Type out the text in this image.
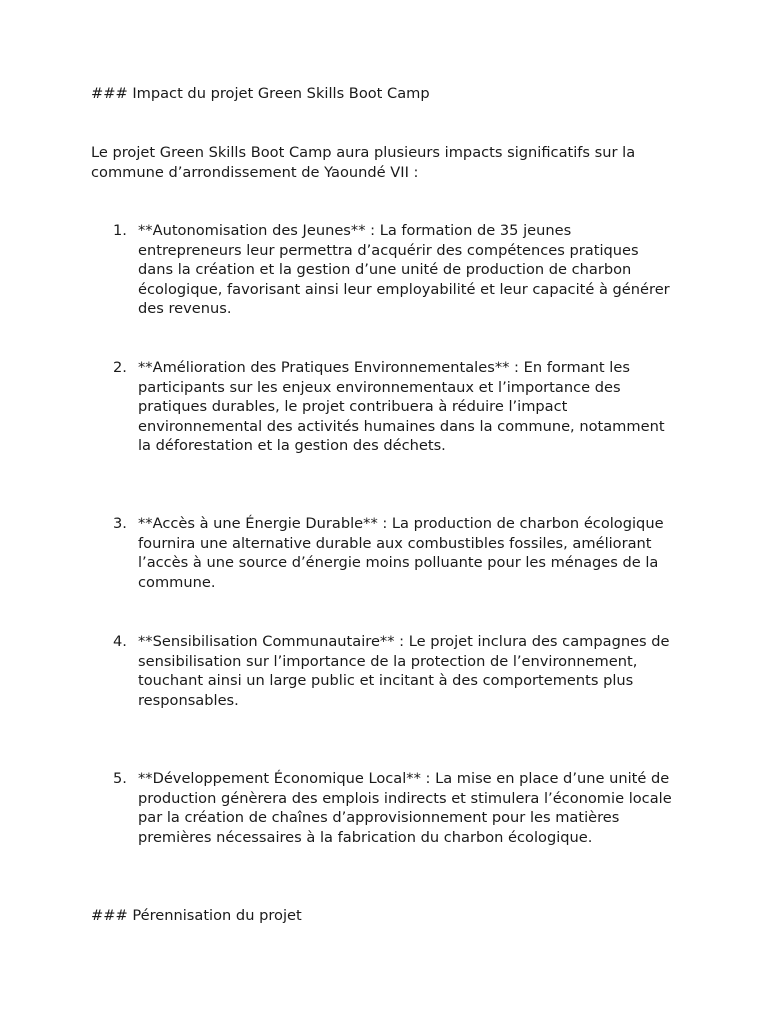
### Impact du projet Green Skills Boot Camp

Le projet Green Skills Boot Camp aura plusieurs impacts significatifs sur la commune d’arrondissement de Yaoundé VII :

1. **Autonomisation des Jeunes** : La formation de 35 jeunes entrepreneurs leur permettra d’acquérir des compétences pratiques dans la création et la gestion d’une unité de production de charbon écologique, favorisant ainsi leur employabilité et leur capacité à générer des revenus.
2. **Amélioration des Pratiques Environnementales** : En formant les participants sur les enjeux environnementaux et l’importance des pratiques durables, le projet contribuera à réduire l’impact environnemental des activités humaines dans la commune, notamment la déforestation et la gestion des déchets.
3. **Accès à une Énergie Durable** : La production de charbon écologique fournira une alternative durable aux combustibles fossiles, améliorant l’accès à une source d’énergie moins polluante pour les ménages de la commune.
4. **Sensibilisation Communautaire** : Le projet inclura des campagnes de sensibilisation sur l’importance de la protection de l’environnement, touchant ainsi un large public et incitant à des comportements plus responsables.
5. **Développement Économique Local** : La mise en place d’une unité de production génèrera des emplois indirects et stimulera l’économie locale par la création de chaînes d’approvisionnement pour les matières premières nécessaires à la fabrication du charbon écologique.

### Pérennisation du projet
